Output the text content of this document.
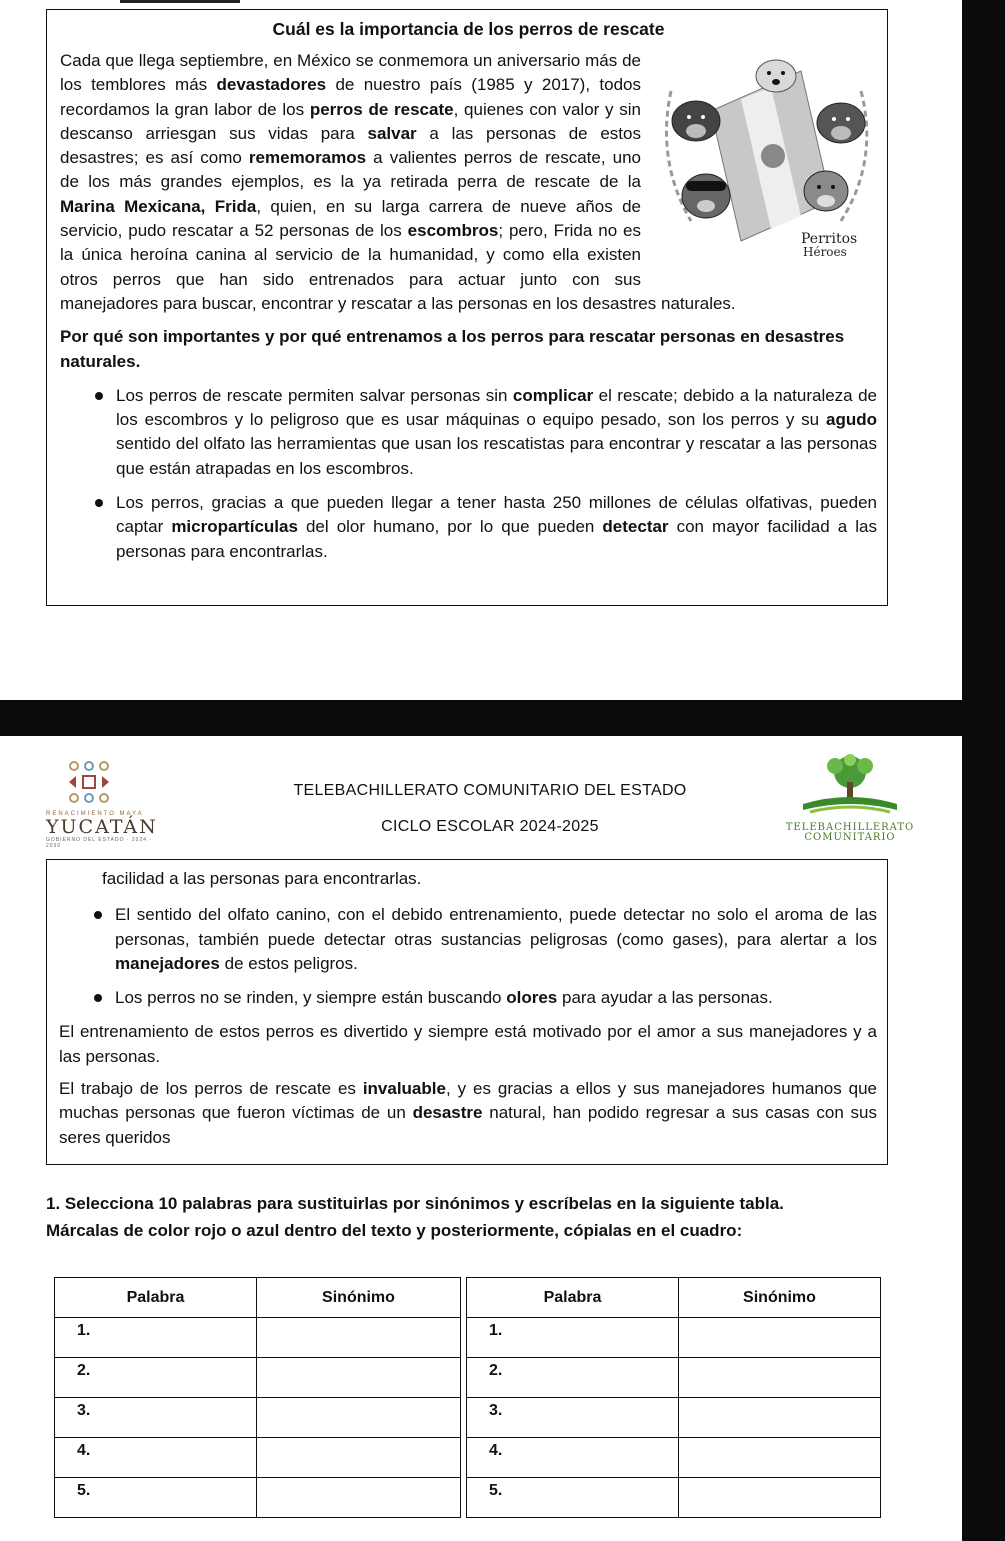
Cuál es la importancia de los perros de rescate
Perritos
Héroes
Cada que llega septiembre, en México se conmemora un aniversario más de los temblores más devastadores de nuestro país (1985 y 2017), todos recordamos la gran labor de los perros de rescate, quienes con valor y sin descanso arriesgan sus vidas para salvar a las personas de estos desastres; es así como rememoramos a valientes perros de rescate, uno de los más grandes ejemplos, es la ya retirada perra de rescate de la Marina Mexicana, Frida, quien, en su larga carrera de nueve años de servicio, pudo rescatar a 52 personas de los escombros; pero, Frida no es la única heroína canina al servicio de la humanidad, y como ella existen otros perros que han sido entrenados para actuar junto con sus manejadores para buscar, encontrar y rescatar a las personas en los desastres naturales.
Por qué son importantes y por qué entrenamos a los perros para rescatar personas en desastres naturales.
Los perros de rescate permiten salvar personas sin complicar el rescate; debido a la naturaleza de los escombros y lo peligroso que es usar máquinas o equipo pesado, son los perros y su agudo sentido del olfato las herramientas que usan los rescatistas para encontrar y rescatar a las personas que están atrapadas en los escombros.
Los perros, gracias a que pueden llegar a tener hasta 250 millones de células olfativas, pueden captar micropartículas del olor humano, por lo que pueden detectar con mayor facilidad a las personas para encontrarlas.
RENACIMIENTO MAYA
YUCATÁN
GOBIERNO DEL ESTADO · 2024 - 2030
TELEBACHILLERATO COMUNITARIO DEL ESTADO
CICLO ESCOLAR 2024-2025	TELEBACHILLERATO
COMUNITARIO
facilidad a las personas para encontrarlas.
El sentido del olfato canino, con el debido entrenamiento, puede detectar no solo el aroma de las personas, también puede detectar otras sustancias peligrosas (como gases), para alertar a los manejadores de estos peligros.
Los perros no se rinden, y siempre están buscando olores para ayudar a las personas.
El entrenamiento de estos perros es divertido y siempre está motivado por el amor a sus manejadores y a las personas.
El trabajo de los perros de rescate es invaluable, y es gracias a ellos y sus manejadores humanos que muchas personas que fueron víctimas de un desastre natural, han podido regresar a sus casas con sus seres queridos
1. Selecciona 10 palabras para sustituirlas por sinónimos y escríbelas en la siguiente tabla.
Márcalas de color rojo o azul dentro del texto y posteriormente, cópialas en el cuadro:
Palabra	Sinónimo
1.	
2.	
3.	
4.	
5.	
Palabra	Sinónimo
1.	
2.	
3.	
4.	
5.	
